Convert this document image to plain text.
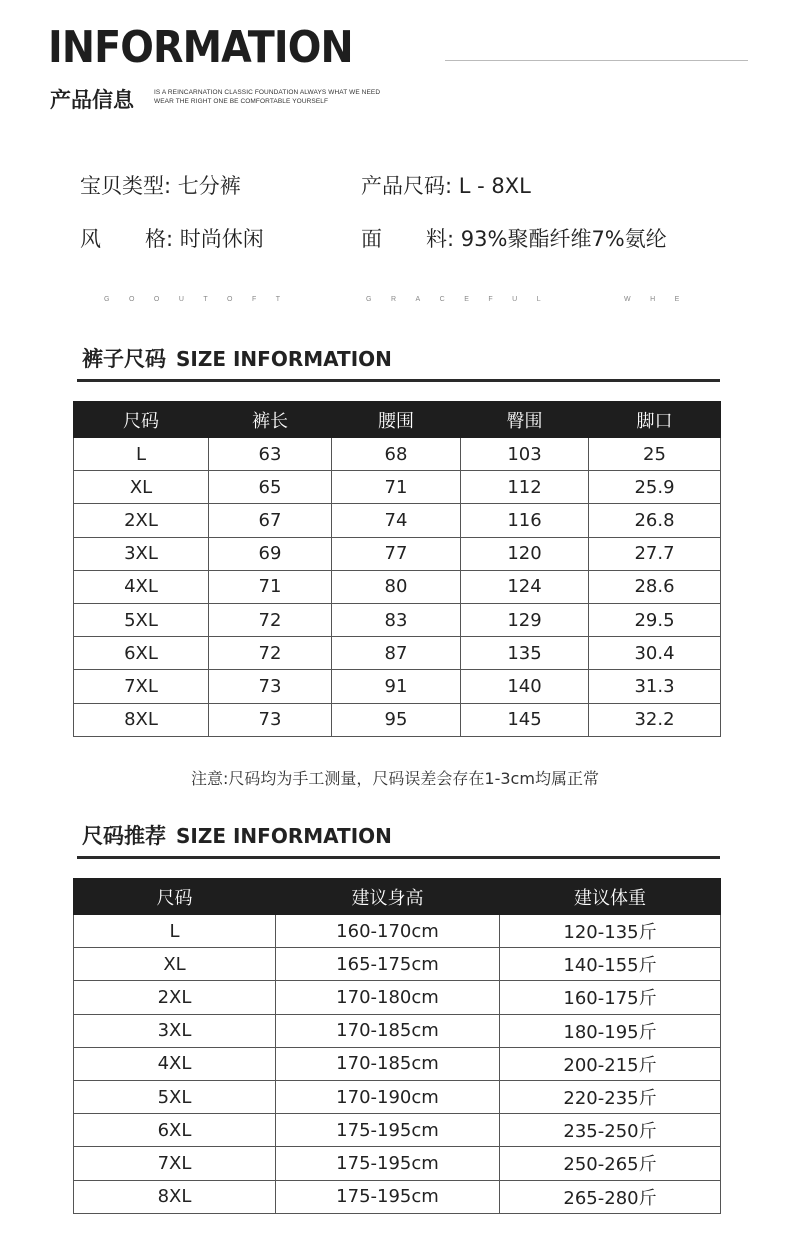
INFORMATION
产品信息	IS A REINCARNATION CLASSIC FOUNDATION ALWAYS WHAT WE NEED
WEAR THE RIGHT ONE BE COMFORTABLE YOURSELF
宝贝类型: 七分裤	产品尺码: L - 8XL
风 格: 时尚休闲	面 料: 93%聚酯纤维7%氨纶
GOOUTOFT	GRACEFUL	WHE
裤子尺码 SIZE INFORMATION
尺码	裤长	腰围	臀围	脚口
L	63	68	103	25
XL	65	71	112	25.9
2XL	67	74	116	26.8
3XL	69	77	120	27.7
4XL	71	80	124	28.6
5XL	72	83	129	29.5
6XL	72	87	135	30.4
7XL	73	91	140	31.3
8XL	73	95	145	32.2
注意:尺码均为手工测量，尺码误差会存在1-3cm均属正常
尺码推荐 SIZE INFORMATION
尺码	建议身高	建议体重
L	160-170cm	120-135斤
XL	165-175cm	140-155斤
2XL	170-180cm	160-175斤
3XL	170-185cm	180-195斤
4XL	170-185cm	200-215斤
5XL	170-190cm	220-235斤
6XL	175-195cm	235-250斤
7XL	175-195cm	250-265斤
8XL	175-195cm	265-280斤
